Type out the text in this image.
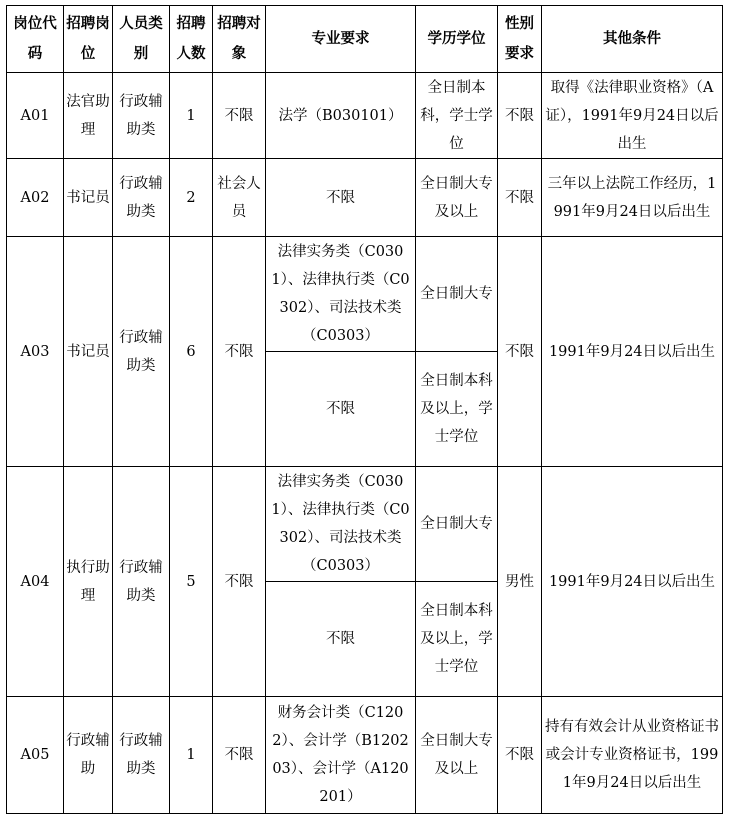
岗位代码	招聘岗位	人员类别	招聘人数	招聘对象	专业要求	学历学位	性别要求	其他条件
A01	法官助理	行政辅助类	1	不限	法学（B030101）	全日制本科，学士学位	不限	取得《法律职业资格》（A证），1991年9月24日以后出生
A02	书记员	行政辅助类	2	社会人员	不限	全日制大专及以上	不限	三年以上法院工作经历，1991年9月24日以后出生
A03	书记员	行政辅助类	6	不限	法律实务类（C0301）、法律执行类（C0302）、司法技术类（C0303）	全日制大专	不限	1991年9月24日以后出生
					不限	全日制本科及以上，学士学位		
A04	执行助理	行政辅助类	5	不限	法律实务类（C0301）、法律执行类（C0302）、司法技术类（C0303）	全日制大专	男性	1991年9月24日以后出生
					不限	全日制本科及以上，学士学位		
A05	行政辅助	行政辅助类	1	不限	财务会计类（C1202）、会计学（B120203）、会计学（A120201）	全日制大专及以上	不限	持有有效会计从业资格证书或会计专业资格证书，1991年9月24日以后出生
